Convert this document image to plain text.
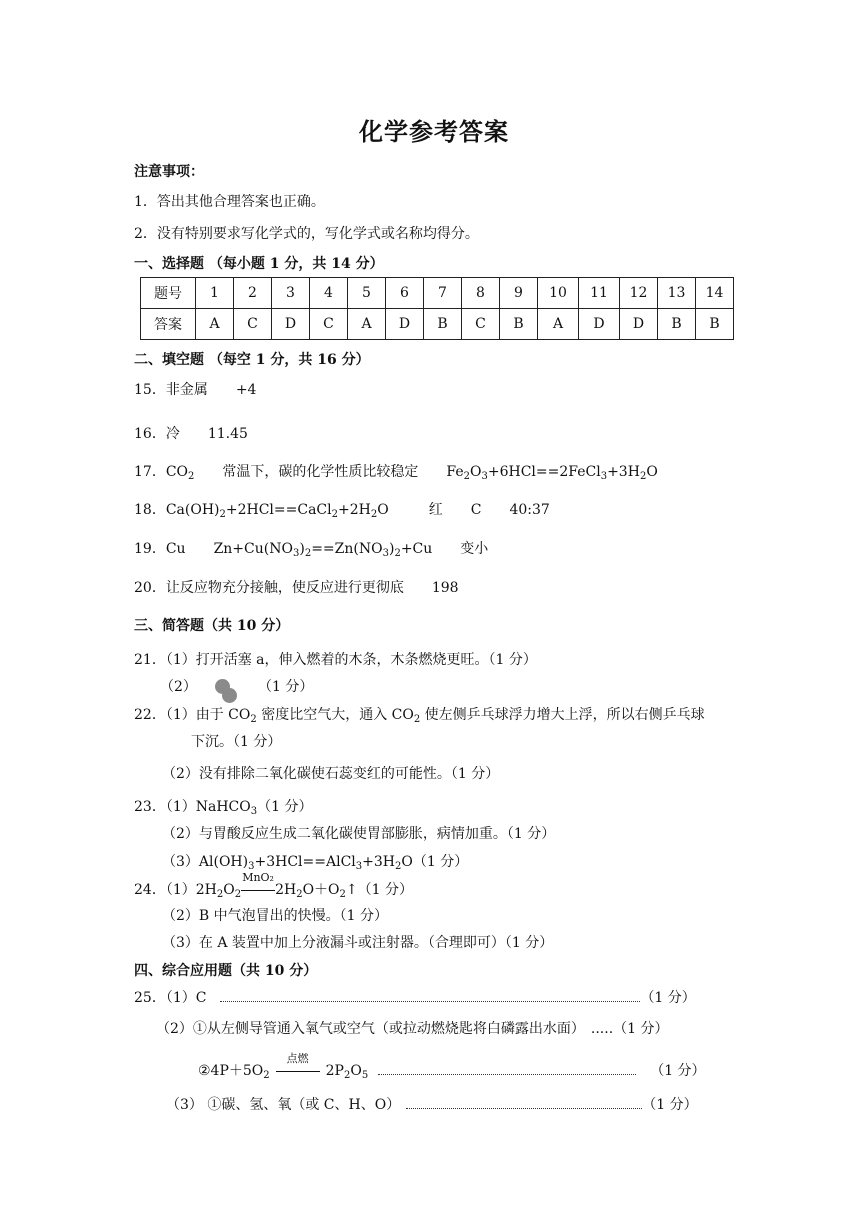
化学参考答案
注意事项：
1．答出其他合理答案也正确。
2．没有特别要求写化学式的，写化学式或名称均得分。
一、选择题 （每小题 1 分，共 14 分）
题号	1	2	3	4	5	6	7	8	9	10	11	12	13	14
答案	A	C	D	C	A	D	B	C	B	A	D	D	B	B
二、填空题 （每空 1 分，共 16 分）
15．非金属 +4
16．冷 11.45
17．$CO_2$ 常温下，碳的化学性质比较稳定 $Fe_2O_3+6HCl==2FeCl_3+3H_2O$
18．$Ca(OH)_2+2HCl==CaCl_2+2H_2O$	红 C 40:37
19．Cu $Zn+Cu(NO_3)_2==Zn(NO_3)_2+Cu$ 变小
20．让反应物充分接触，使反应进行更彻底 198
三、简答题（共 10 分）
21．（1）打开活塞 a，伸入燃着的木条，木条燃烧更旺。（1 分）
（2）	（1 分）
22．（1）由于 $CO_2$ 密度比空气大，通入 $CO_2$ 使左侧乒乓球浮力增大上浮，所以右侧乒乓球
下沉。（1 分）
（2）没有排除二氧化碳使石蕊变红的可能性。（1 分）
23．（1）NaHCO$_3$（1 分）
（2）与胃酸反应生成二氧化碳使胃部膨胀，病情加重。（1 分）
$(3)Al(OH)_3+3HCl==AlCl_3+3H_2O(1$ 分）
24．$(1)2H_2O_2$
MnO₂
$2H_2O+O_2↑(1$ 分）
（2）B 中气泡冒出的快慢。（1 分）
（3）在 A 装置中加上分液漏斗或注射器。（合理即可）（1 分）
四、综合应用题（共 10 分）
25．（1）C	（1 分）
（2）①从左侧导管通入氧气或空气（或拉动燃烧匙将白磷露出水面） .....（1 分）
$②4P+5O_2$
点燃
$2P_2O_5$	（1 分）
（3） ①碳、氢、氧（或 C、H、O）	（1 分）
